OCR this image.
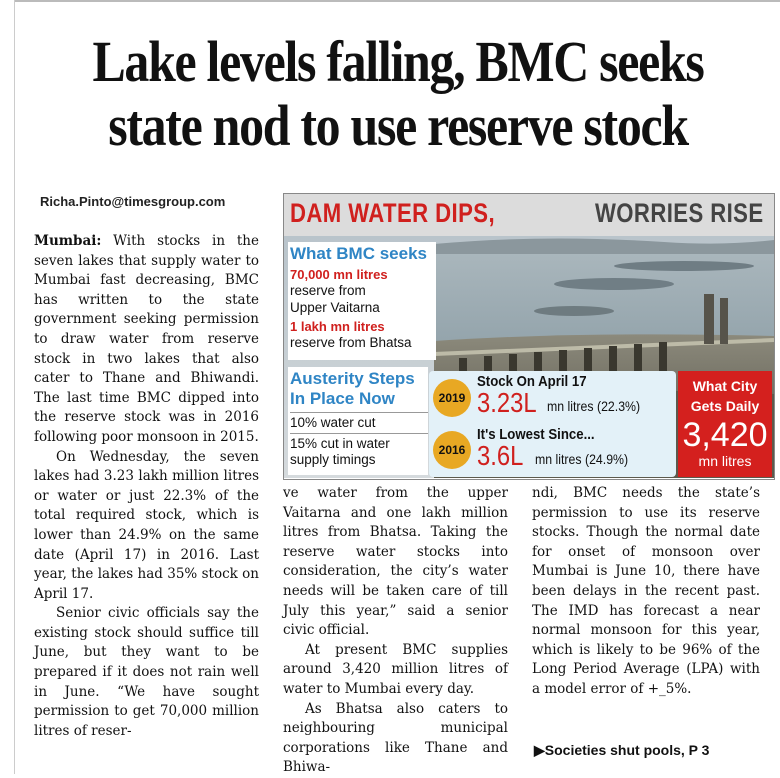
Lake levels falling, BMC seeks
state nod to use reserve stock
Richa.Pinto@timesgroup.com DAM WATER DIPS,	WORRIES RISE
What BMC seeks
70,000 mn litres
reserve from
Upper Vaitarna
1 lakh mn litres
reserve from Bhatsa
Austerity Steps
In Place Now
10% water cut
15% cut in water
supply timings
2019
Stock On April 17
3.23L mn litres (22.3%)
2016
It's Lowest Since...
3.6L mn litres (24.9%)
What City
Gets Daily
3,420
mn litres

Mumbai: With stocks in the seven lakes that supply water to Mumbai fast decreasing, BMC has written to the state government seeking permission to draw water from reserve stock in two lakes that also cater to Thane and Bhiwandi. The last time BMC dipped into the reserve stock was in 2016 following poor monsoon in 2015.

On Wednesday, the seven lakes had 3.23 lakh million litres or water or just 22.3% of the total required stock, which is lower than 24.9% on the same date (April 17) in 2016. Last year, the lakes had 35% stock on April 17.

Senior civic officials say the existing stock should suffice till June, but they want to be prepared if it does not rain well in June. “We have sought permission to get 70,000 million litres of reser-

ve water from the upper Vaitarna and one lakh million litres from Bhatsa. Taking the reserve water stocks into consideration, the city’s water needs will be taken care of till July this year,” said a senior civic official.

At present BMC supplies around 3,420 million litres of water to Mumbai every day.

As Bhatsa also caters to neighbouring municipal corporations like Thane and Bhiwa-

ndi, BMC needs the state’s permission to use its reserve stocks. Though the normal date for onset of monsoon over Mumbai is June 10, there have been delays in the recent past. The IMD has forecast a near normal monsoon for this year, which is likely to be 96% of the Long Period Average (LPA) with a model error of +_5%.

▶Societies shut pools, P 3
